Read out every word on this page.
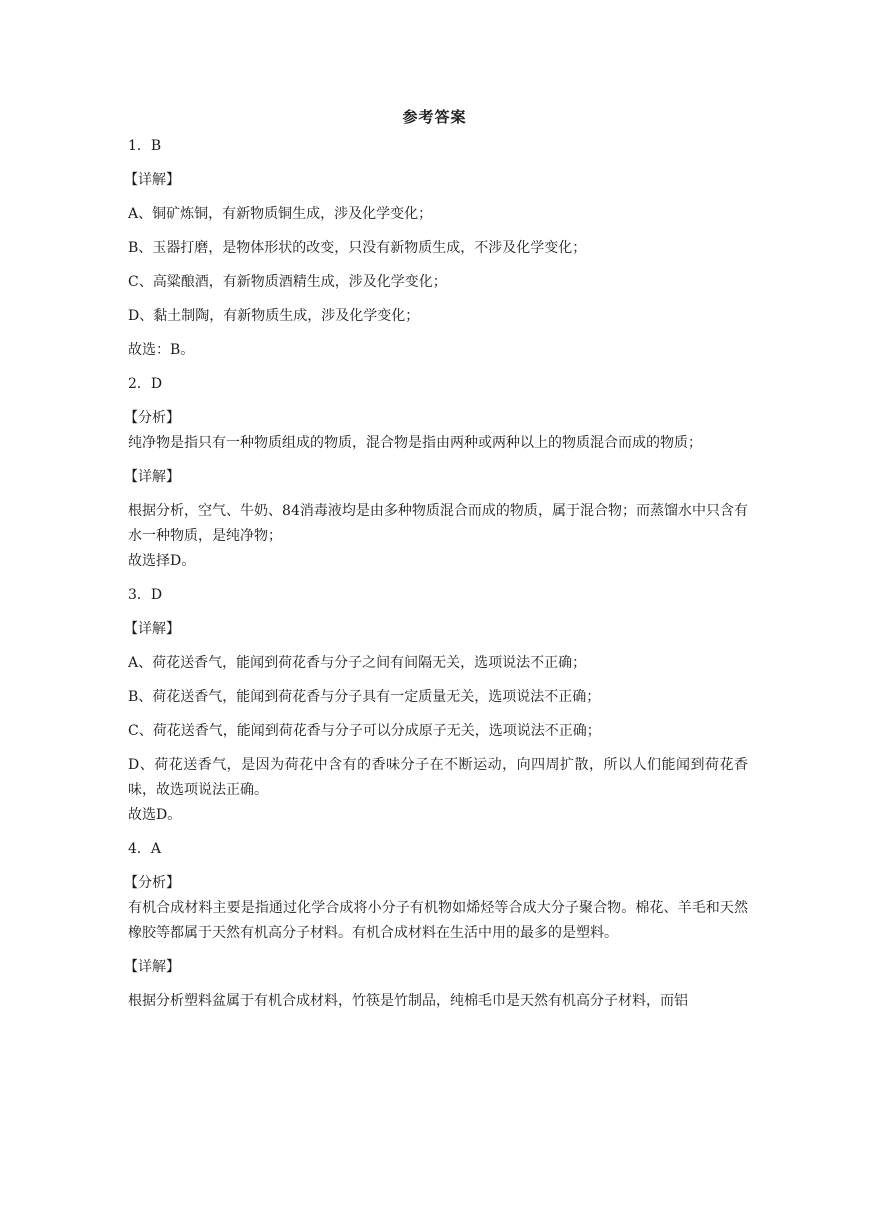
参考答案
1．B
【详解】
A、铜矿炼铜，有新物质铜生成，涉及化学变化；
B、玉器打磨，是物体形状的改变，只没有新物质生成，不涉及化学变化；
C、高粱酿酒，有新物质酒精生成，涉及化学变化；
D、黏土制陶，有新物质生成，涉及化学变化；
故选：B。
2．D
【分析】
纯净物是指只有一种物质组成的物质，混合物是指由两种或两种以上的物质混合而成的物质；
【详解】
根据分析，空气、牛奶、84消毒液均是由多种物质混合而成的物质，属于混合物；而蒸馏水中只含有水一种物质，是纯净物；
故选择D。
3．D
【详解】
A、荷花送香气，能闻到荷花香与分子之间有间隔无关，选项说法不正确；
B、荷花送香气，能闻到荷花香与分子具有一定质量无关，选项说法不正确；
C、荷花送香气，能闻到荷花香与分子可以分成原子无关，选项说法不正确；
D、荷花送香气，是因为荷花中含有的香味分子在不断运动，向四周扩散，所以人们能闻到荷花香味，故选项说法正确。
故选D。
4．A
【分析】
有机合成材料主要是指通过化学合成将小分子有机物如烯烃等合成大分子聚合物。棉花、羊毛和天然橡胶等都属于天然有机高分子材料。有机合成材料在生活中用的最多的是塑料。
【详解】
根据分析塑料盆属于有机合成材料，竹筷是竹制品，纯棉毛巾是天然有机高分子材料，而铝
